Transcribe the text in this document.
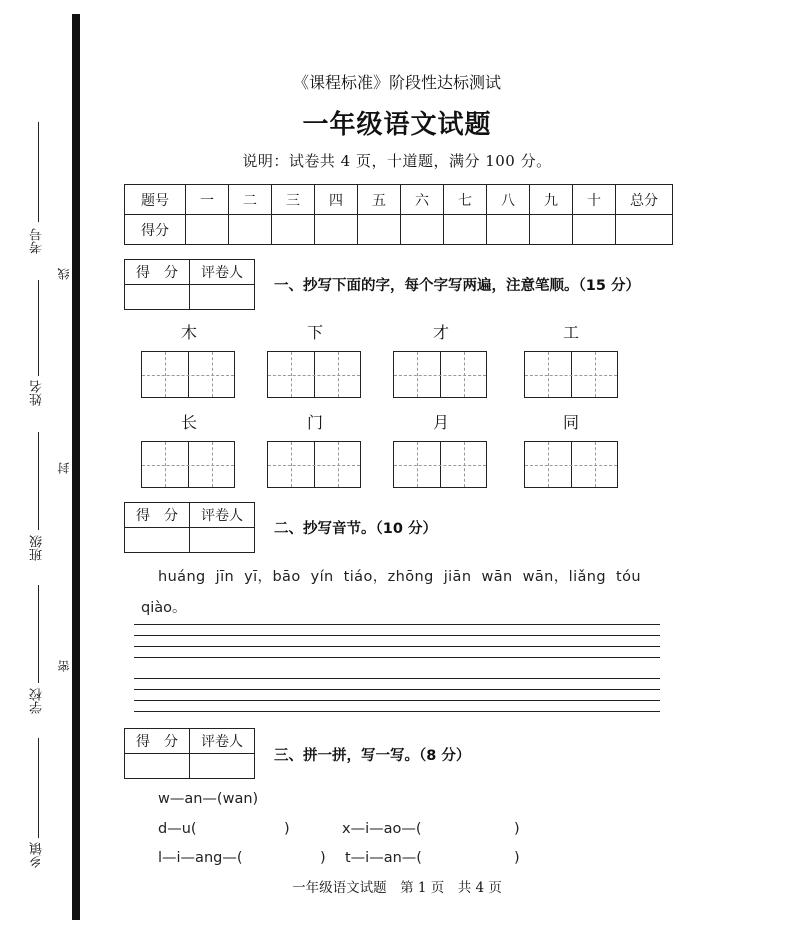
考号
姓名
班级
学校
乡镇
线
封
密
《课程标准》阶段性达标测试
一年级语文试题
说明：试卷共 4 页，十道题，满分 100 分。
题号	一	二	三	四	五	六	七	八	九	十	总分
得分											
得　分	评卷人

一、抄写下面的字，每个字写两遍，注意笔顺。（15 分）
木	下	才	工
长	门	月	同
得　分	评卷人

二、抄写音节。（10 分）
huáng  jīn  yī，bāo  yín  tiáo，zhōng  jiān  wān  wān，liǎng  tóu
qiào。
得　分	评卷人

三、拼一拼，写一写。（8 分）
w—an—(wan)
d—u(	)	x—i—ao—(	)
l—i—ang—(	) t—i—an—(	)
一年级语文试题　第 1 页　共 4 页
